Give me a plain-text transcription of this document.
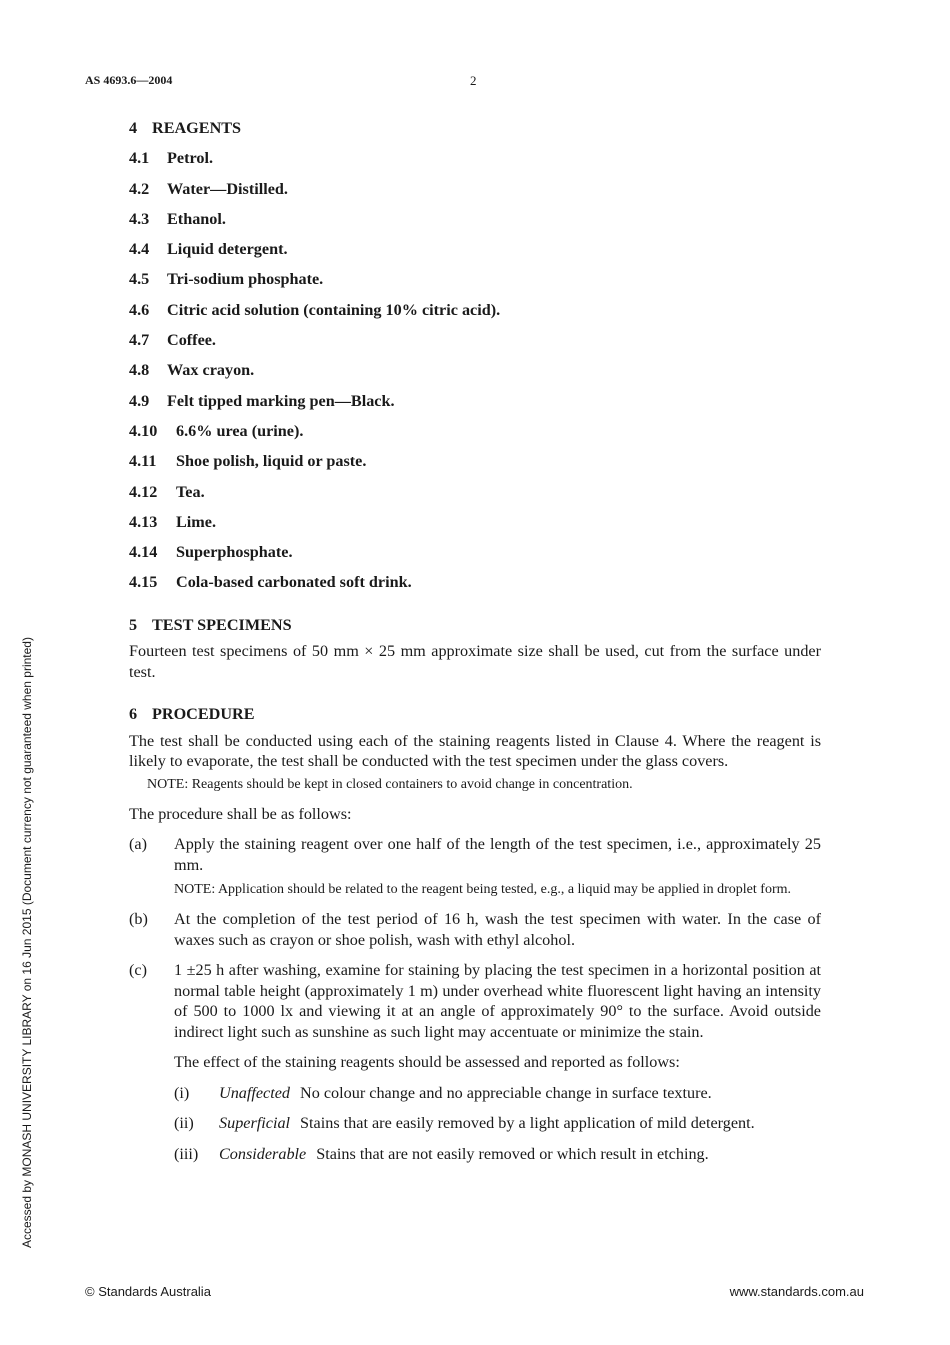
AS 4693.6—2004	2
Accessed by MONASH UNIVERSITY LIBRARY on 16 Jun 2015 (Document currency not guaranteed when printed)
4 REAGENTS
4.1 Petrol.
4.2 Water—Distilled.
4.3 Ethanol.
4.4 Liquid detergent.
4.5 Tri-sodium phosphate.
4.6 Citric acid solution (containing 10% citric acid).
4.7 Coffee.
4.8 Wax crayon.
4.9 Felt tipped marking pen—Black.
4.10 6.6% urea (urine).
4.11 Shoe polish, liquid or paste.
4.12 Tea.
4.13 Lime.
4.14 Superphosphate.
4.15 Cola-based carbonated soft drink.
5 TEST SPECIMENS

Fourteen test specimens of 50 mm × 25 mm approximate size shall be used, cut from the surface under test.

6 PROCEDURE

The test shall be conducted using each of the staining reagents listed in Clause 4. Where the reagent is likely to evaporate, the test shall be conducted with the test specimen under the glass covers.

NOTE: Reagents should be kept in closed containers to avoid change in concentration.

The procedure shall be as follows:

(a) Apply the staining reagent over one half of the length of the test specimen, i.e., approximately 25 mm.

NOTE: Application should be related to the reagent being tested, e.g., a liquid may be applied in droplet form.
(b) At the completion of the test period of 16 h, wash the test specimen with water. In the case of waxes such as crayon or shoe polish, wash with ethyl alcohol.

(c) 1 ±25 h after washing, examine for staining by placing the test specimen in a horizontal position at normal table height (approximately 1 m) under overhead white fluorescent light having an intensity of 500 to 1000 lx and viewing it at an angle of approximately 90° to the surface. Avoid outside indirect light such as sunshine as such light may accentuate or minimize the stain.

The effect of the staining reagents should be assessed and reported as follows:

(i) Unaffected No colour change and no appreciable change in surface texture.

(ii) Superficial Stains that are easily removed by a light application of mild detergent.

(iii) Considerable Stains that are not easily removed or which result in etching.

© Standards Australia	www.standards.com.au
